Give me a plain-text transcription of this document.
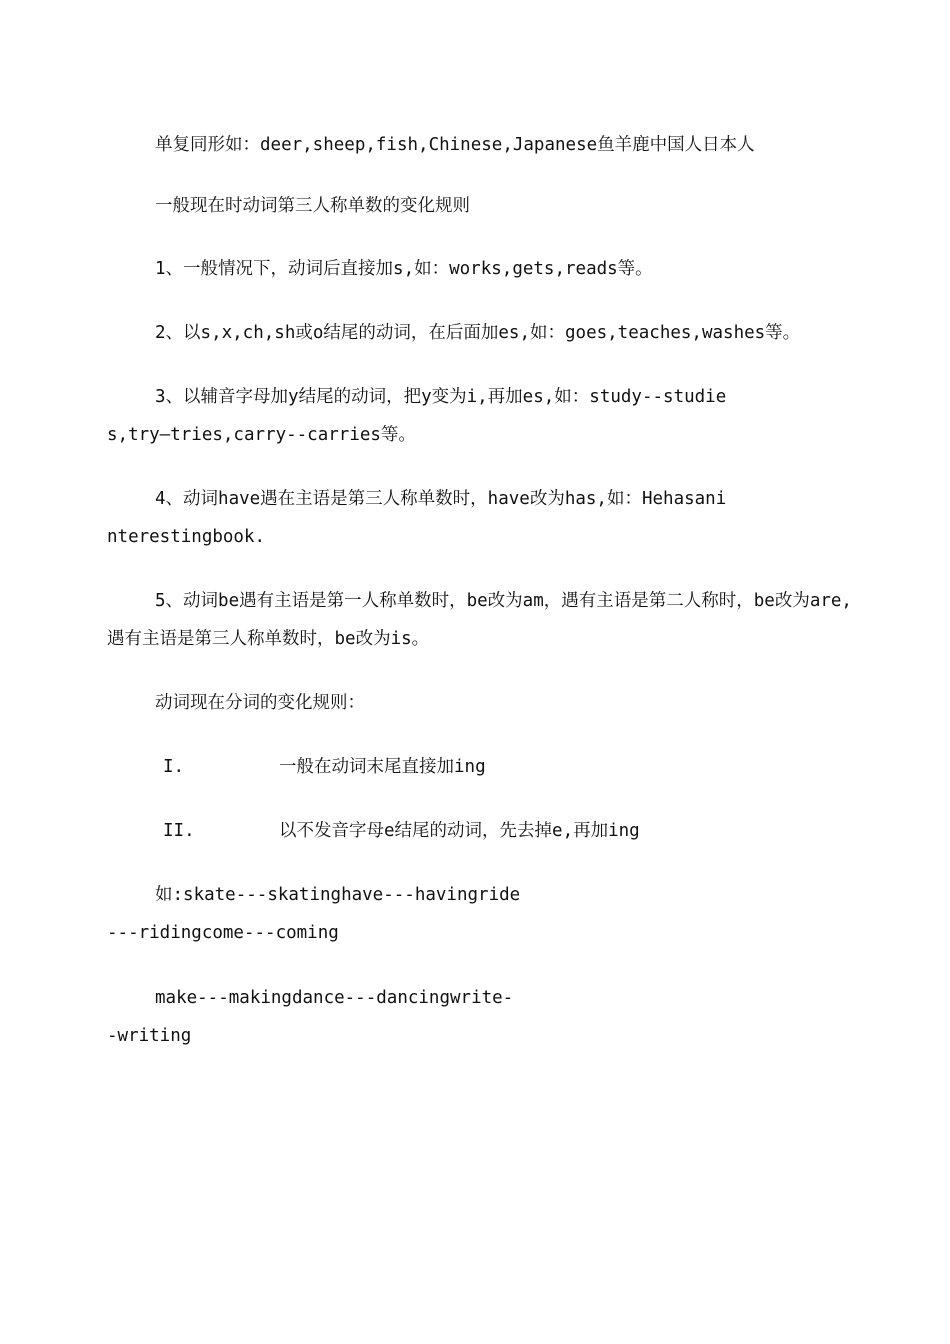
单复同形如：deer,sheep,fish,Chinese,Japanese鱼羊鹿中国人日本人
一般现在时动词第三人称单数的变化规则
1、一般情况下，动词后直接加s,如：works,gets,reads等。
2、以s,x,ch,sh或o结尾的动词，在后面加es,如：goes,teaches,washes等。
3、以辅音字母加y结尾的动词，把y变为i,再加es,如：study--studies,try—tries,carry--carries等。
4、动词have遇在主语是第三人称单数时，have改为has,如：Hehasaninterestingbook.
5、动词be遇有主语是第一人称单数时，be改为am，遇有主语是第二人称时，be改为are,遇有主语是第三人称单数时，be改为is。
动词现在分词的变化规则：
I.	一般在动词末尾直接加ing
II.	以不发音字母e结尾的动词，先去掉e,再加ing
如:skate---skatinghave---havingride---ridingcome---coming
make---makingdance---dancingwrite--writing
